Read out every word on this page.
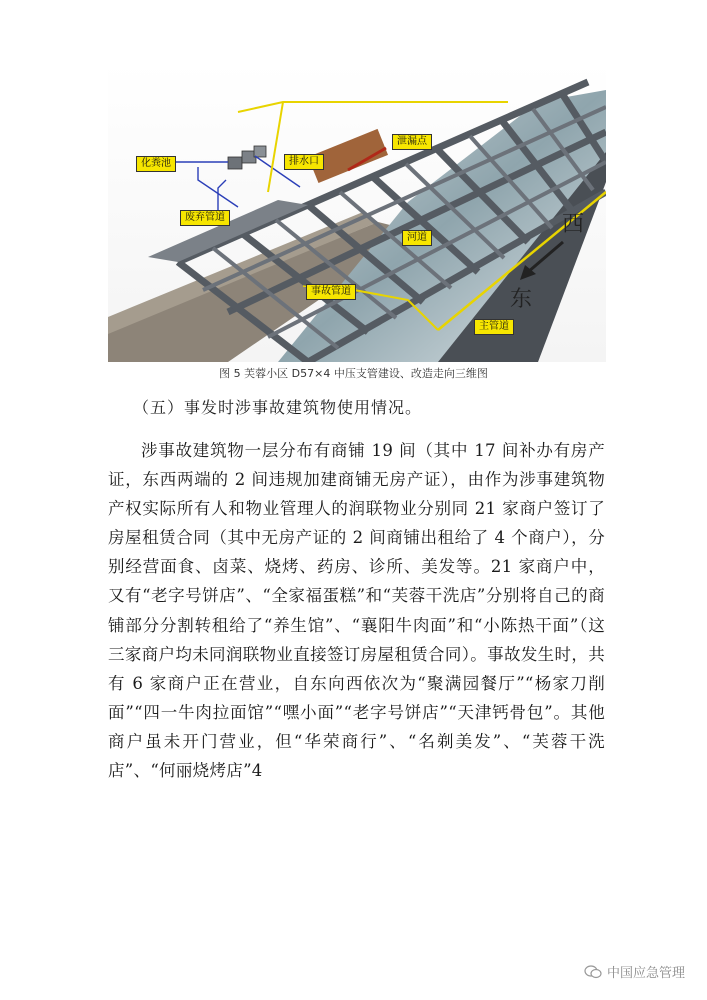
化粪池	排水口
泄漏点
废弃管道
河道
事故管道
主管道
西
东
图 5 芙蓉小区 D57×4 中压支管建设、改造走向三维图
（五）事发时涉事故建筑物使用情况。

涉事故建筑物一层分布有商铺 19 间（其中 17 间补办有房产证，东西两端的 2 间违规加建商铺无房产证），由作为涉事建筑物产权实际所有人和物业管理人的润联物业分别同 21 家商户签订了房屋租赁合同（其中无房产证的 2 间商铺出租给了 4 个商户），分别经营面食、卤菜、烧烤、药房、诊所、美发等。21 家商户中，又有“老字号饼店”、“全家福蛋糕”和“芙蓉干洗店”分别将自己的商铺部分分割转租给了“养生馆”、“襄阳牛肉面”和“小陈热干面”（这三家商户均未同润联物业直接签订房屋租赁合同）。事故发生时，共有 6 家商户正在营业，自东向西依次为“聚满园餐厅”“杨家刀削面”“四一牛肉拉面馆”“嘿小面”“老字号饼店”“天津钙骨包”。其他商户虽未开门营业，但“华荣商行”、“名剃美发”、“芙蓉干洗店”、“何丽烧烤店”4

中国应急管理
